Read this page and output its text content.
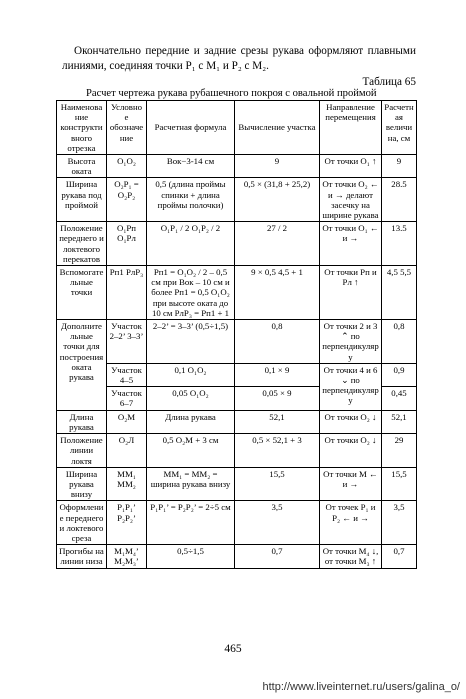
Окончательно передние и задние срезы рукава оформляют плавными линиями, соединяя точки P₁ с M₁ и P₂ с M₂.
Таблица 65
Расчет чертежа рукава рубашечного покроя с овальной проймой
Наименование конструктивного отрезка	Условное обозначение	Расчетная формула	Вычисление участка	Направление перемещения	Расчетная величина, см
Высота оката	O₁O₂	Вок−3-14 см	9	От точки O₁ ↑	9
Ширина рукава под проймой	O₂P₁ = O₂P₂	0,5 (длина проймы спинки + длина проймы полочки)	0,5 × (31,8 + 25,2)	От точки O₂ ← и → делают засечку на ширине рукава	28.5
Положение переднего и локтевого перекатов	O₁Pп O₁Pл	O₁P₁ / 2 O₁P₂ / 2	27 / 2	От точки O₁ ← и →	13.5
Вспомогательные точки	Pп1 PлP₃	Pп1 = O₁O₂ / 2 – 0,5 см при Вок – 10 см и более Pп1 = 0,5 O₁O₂ при высоте оката до 10 см PлP₃ = Pп1 + 1	9 × 0,5 4,5 + 1	От точки Pп и Pл ↑	4,5 5,5
Дополнительные точки для построения оката рукава	Участок 2–2’ 3–3’	2–2’ = 3–3’ (0,5÷1,5)	0,8	От точки 2 и 3 ⌃ по перпендикуляру	0,8
	Участок 4–5	0,1 O₁O₂	0,1 × 9	От точки 4 и 6 ⌄ по перпендикуляру	0,9
	Участок 6–7	0,05 O₁O₂	0,05 × 9		0,45
Длина рукава	O₂M	Длина рукава	52,1	От точки O₂ ↓	52,1
Положение линии локтя	O₂Л	0,5 O₂M + 3 см	0,5 × 52,1 + 3	От точки O₂ ↓	29
Ширина рукава внизу	MM₁ MM₂	MM₁ = MM₂ = ширина рукава внизу	15,5	От точки M ← и →	15,5
Оформление переднего и локтевого среза	P₁P₁’ P₂P₂’	P₁P₁’ = P₂P₂’ = 2÷5 см	3,5	От точек P₁ и P₂ ← и →	3,5
Прогибы на линии низа	M₁M₄’ M₂M₃’	0,5÷1,5	0,7	От точки M₄ ↓, от точки M₃ ↑	0,7
465
http://www.liveinternet.ru/users/galina_o/
